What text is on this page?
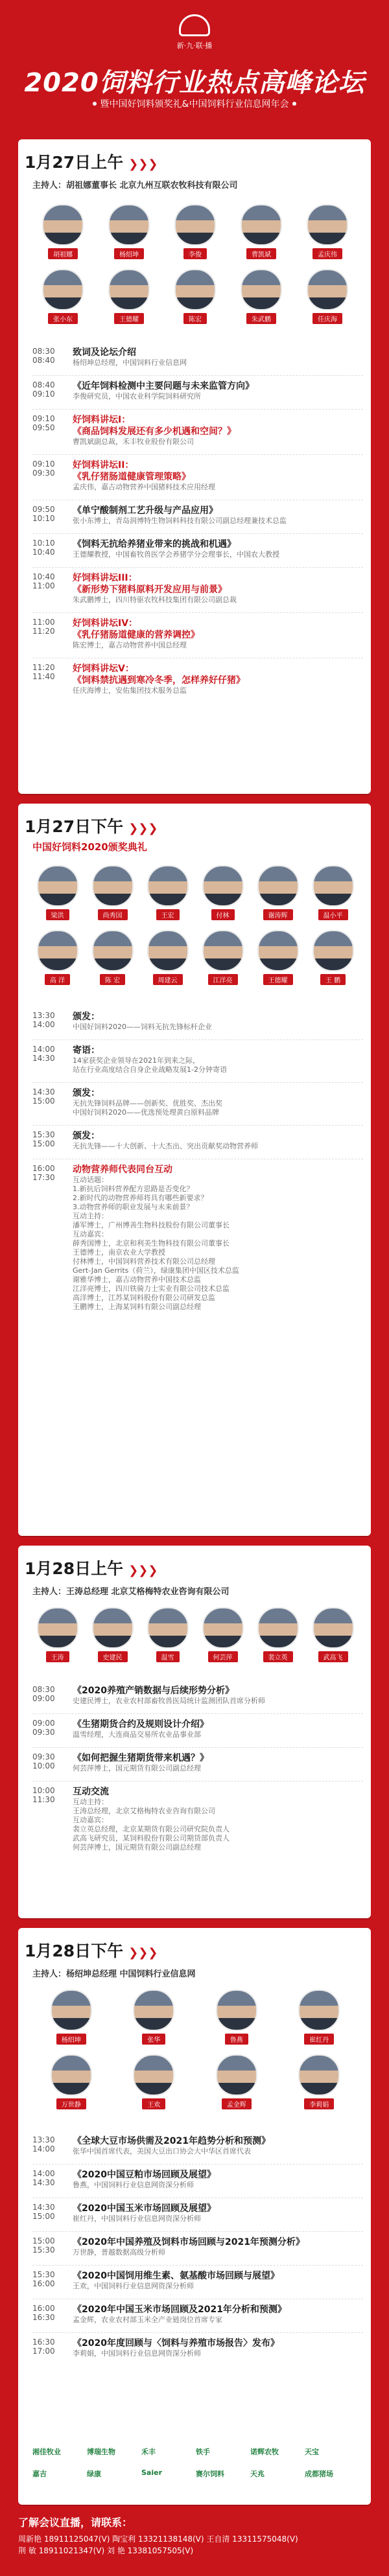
新·九·联·播
2020饲料行业热点高峰论坛
暨中国好饲料颁奖礼&中国饲料行业信息网年会
1月27日上午 ❯❯❯
主持人：胡祖娜董事长 北京九州互联农牧科技有限公司
胡祖娜	杨绍坤	李俊	曹凯斌	孟庆伟
张小东	王德耀	陈宏	朱武鹏	任庆海
08:30
08:40
致词及论坛介绍
杨绍坤总经理，中国饲料行业信息网
08:40
09:10
《近年饲料检测中主要问题与未来监管方向》
李俊研究员，中国农业科学院饲料研究所
09:10
09:50
好饲料讲坛I：
《商品饲料发展还有多少机遇和空间？》
曹凯斌副总裁，禾丰牧业股份有限公司
09:10
09:30
好饲料讲坛II：
《乳仔猪肠道健康管理策略》
孟庆伟，嘉吉动物营养中国猪料技术应用经理
09:50
10:10
《单宁酸制剂工艺升级与产品应用》
张小东博士，青岛润博特生物饲料科技有限公司副总经理兼技术总监
10:10
10:40
《饲料无抗给养猪业带来的挑战和机遇》
王德耀教授，中国畜牧兽医学会养猪学分会理事长，中国农大教授
10:40
11:00
好饲料讲坛III：
《新形势下猪料原料开发应用与前景》
朱武鹏博士，四川特驱农牧科技集团有限公司副总裁
11:00
11:20
好饲料讲坛IV：
《乳仔猪肠道健康的营养调控》
陈宏博士，嘉吉动物营养中国总经理
11:20
11:40
好饲料讲坛V：
《饲料禁抗遇到寒冷冬季，怎样养好仔猪》
任庆海博士，安佑集团技术服务总监
1月27日下午 ❯❯❯
中国好饲料2020颁奖典礼
梁洪	尚秀国	王宏	付林	谢涛辉	温小平
高 洋	陈 宏	周建云	江洋亮	王德耀	王 鹏
13:30
14:00
颁发：
中国好饲料2020——饲料无抗先锋标杆企业
14:00
14:30
寄语：
14家获奖企业领导在2021年到来之际，
站在行业高度结合自身企业战略发展1-2分钟寄语
14:30
15:00
颁发：
无抗先锋饲料品牌——创新奖、优胜奖、杰出奖
中国好饲料2020——优选预处理黄白原料品牌
15:30
15:00
颁发：
无抗先锋——十大创新、十大杰出、突出贡献奖动物营养师
16:00
17:30
动物营养师代表同台互动
互动话题：
1.新抗后饲料营养配方思路是否变化？
2.新时代的动物营养师将具有哪些新要求？
3.动物营养师的职业发展与未来前景？
互动主持：
潘军博士，广州博善生物科技股份有限公司董事长
互动嘉宾：
薛秀国博士，北京和利美生物科技有限公司董事长
王德博士，南京农业大学教授
付林博士，中国饲料营养技术有限公司总经理
Gert-Jan Gerrits（荷兰），绿康集团中国区技术总监
谢雅华博士，嘉吉动物营养中国技术总监
江洋亮博士，四川铁骑力士实业有限公司技术总监
高洋博士，江苏某饲料股份有限公司研发总监
王鹏博士，上海某饲料有限公司副总经理
1月28日上午 ❯❯❯
主持人：王涛总经理 北京艾格梅特农业咨询有限公司
王涛	史建民	温雪	何芸萍	裴立英	武高飞
08:30
09:00
《2020养殖产销数据与后续形势分析》
史建民博士，农业农村部畜牧兽医局统计监测团队首席分析师
09:00
09:30
《生猪期货合约及规则设计介绍》
温雪经理，大连商品交易所农业品事业部
09:30
10:00
《如何把握生猪期货带来机遇？》
何芸萍博士，国元期货有限公司副总经理
10:00
11:30
互动交流
互动主持：
王涛总经理，北京艾格梅特农业咨询有限公司
互动嘉宾：
裴立英总经理，北京某期货有限公司研究院负责人
武高飞研究员，某饲料股份有限公司期货部负责人
何芸萍博士，国元期货有限公司副总经理
1月28日下午 ❯❯❯
主持人：杨绍坤总经理 中国饲料行业信息网
杨绍坤	张华	鲁燕	崔红丹
万世静	王欢	孟金辉	李莉娟
13:30
14:00
《全球大豆市场供需及2021年趋势分析和预测》
张华中国首席代表，美国大豆出口协会大中华区首席代表
14:00
14:30
《2020中国豆粕市场回顾及展望》
鲁燕，中国饲料行业信息网资深分析师
14:30
15:00
《2020中国玉米市场回顾及展望》
崔红丹，中国饲料行业信息网资深分析师
15:00
15:30
《2020年中国养殖及饲料市场回顾与2021年预测分析》
万世静，普越数据高级分析师
15:30
16:00
《2020中国饲用维生素、氨基酸市场回顾与展望》
王欢，中国饲料行业信息网资深分析师
16:00
16:30
《2020年中国玉米市场回顾及2021年分析和预测》
孟金辉，农业农村部玉米全产业链岗位首席专家
16:30
17:00
《2020年度回顾与〈饲料与养殖市场报告〉发布》
李莉娟，中国饲料行业信息网资深分析师
湘佳牧业	博瑞生物	禾丰	铁手	诺辉农牧	天宝
嘉吉	绿康	Saier	赛尔饲料	天兆	成都猪场
了解会议直播，请联系：
周新艳 18911125047(V) 陶宝利 13321138148(V) 王自清 13311575048(V)
荆 敏 18911021347(V) 刘 艳 13381057505(V)
